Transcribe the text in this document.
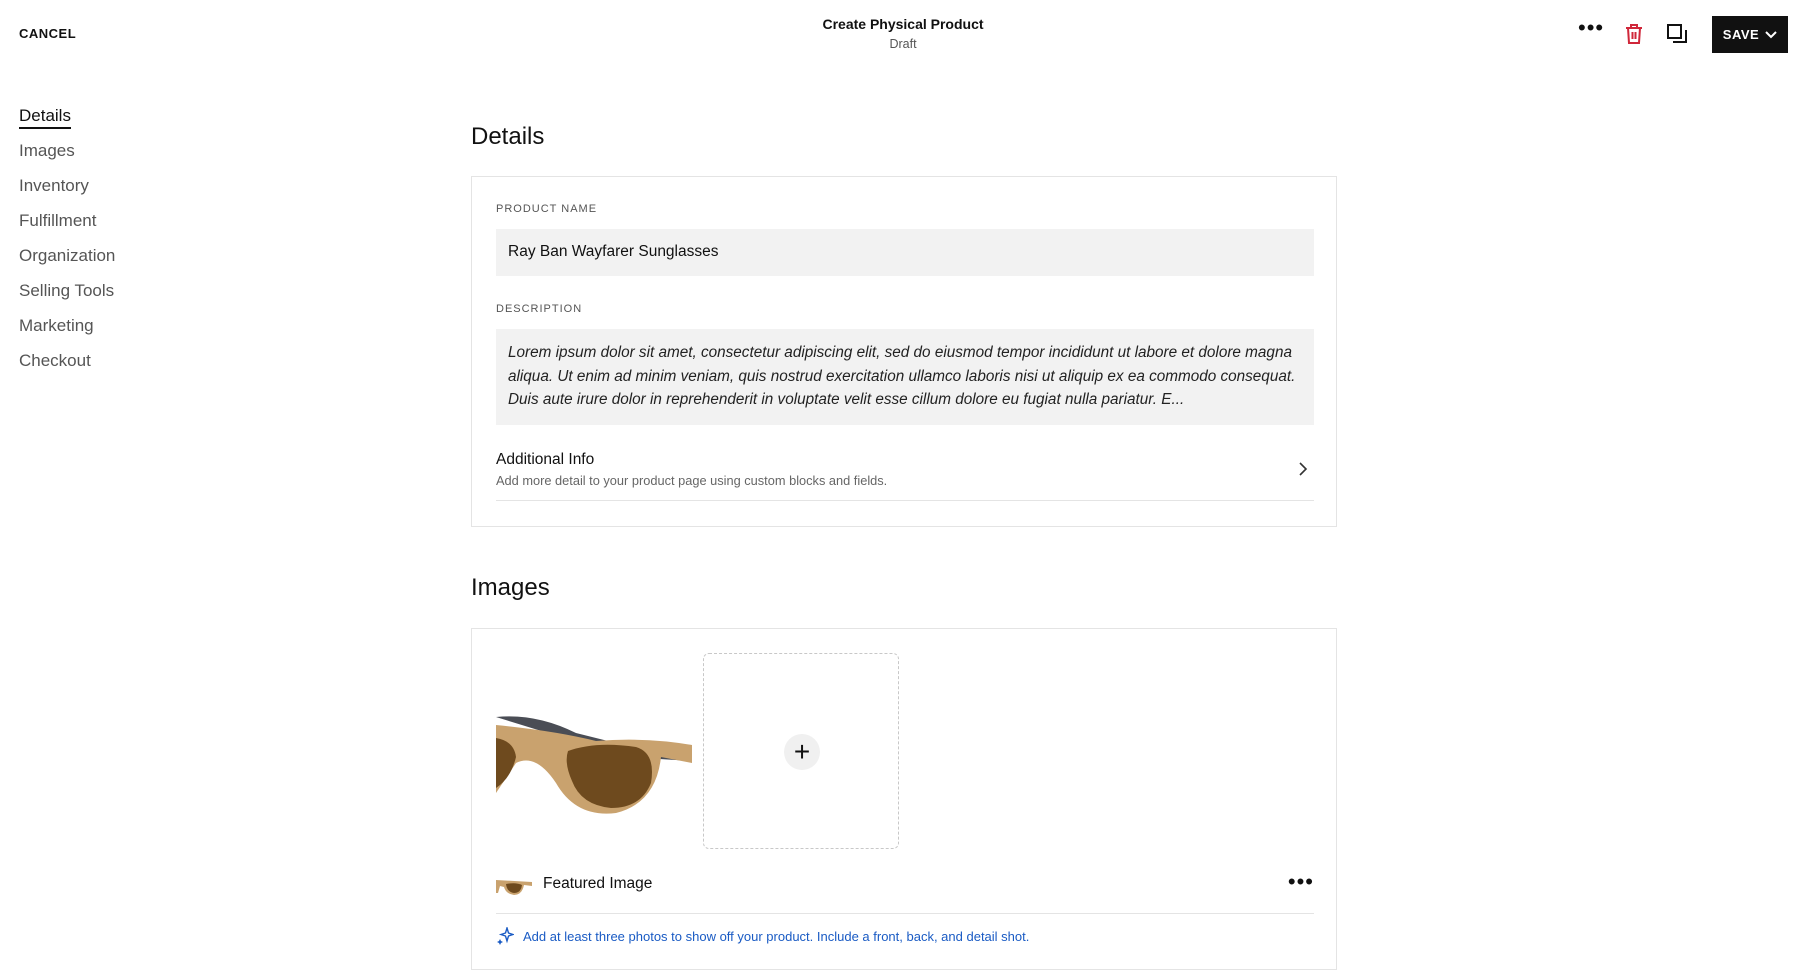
CANCEL
Create Physical Product
Draft
•••	SAVE
Details
Images
Inventory
Fulfillment
Organization
Selling Tools
Marketing
Checkout
Details
PRODUCT NAME
Ray Ban Wayfarer Sunglasses
DESCRIPTION
Lorem ipsum dolor sit amet, consectetur adipiscing elit, sed do eiusmod tempor incididunt ut labore et dolore magna aliqua. Ut enim ad minim veniam, quis nostrud exercitation ullamco laboris nisi ut aliquip ex ea commodo consequat. Duis aute irure dolor in reprehenderit in voluptate velit esse cillum dolore eu fugiat nulla pariatur. E...
Additional Info
Add more detail to your product page using custom blocks and fields.
Images
+
Featured Image	•••
Add at least three photos to show off your product. Include a front, back, and detail shot.
